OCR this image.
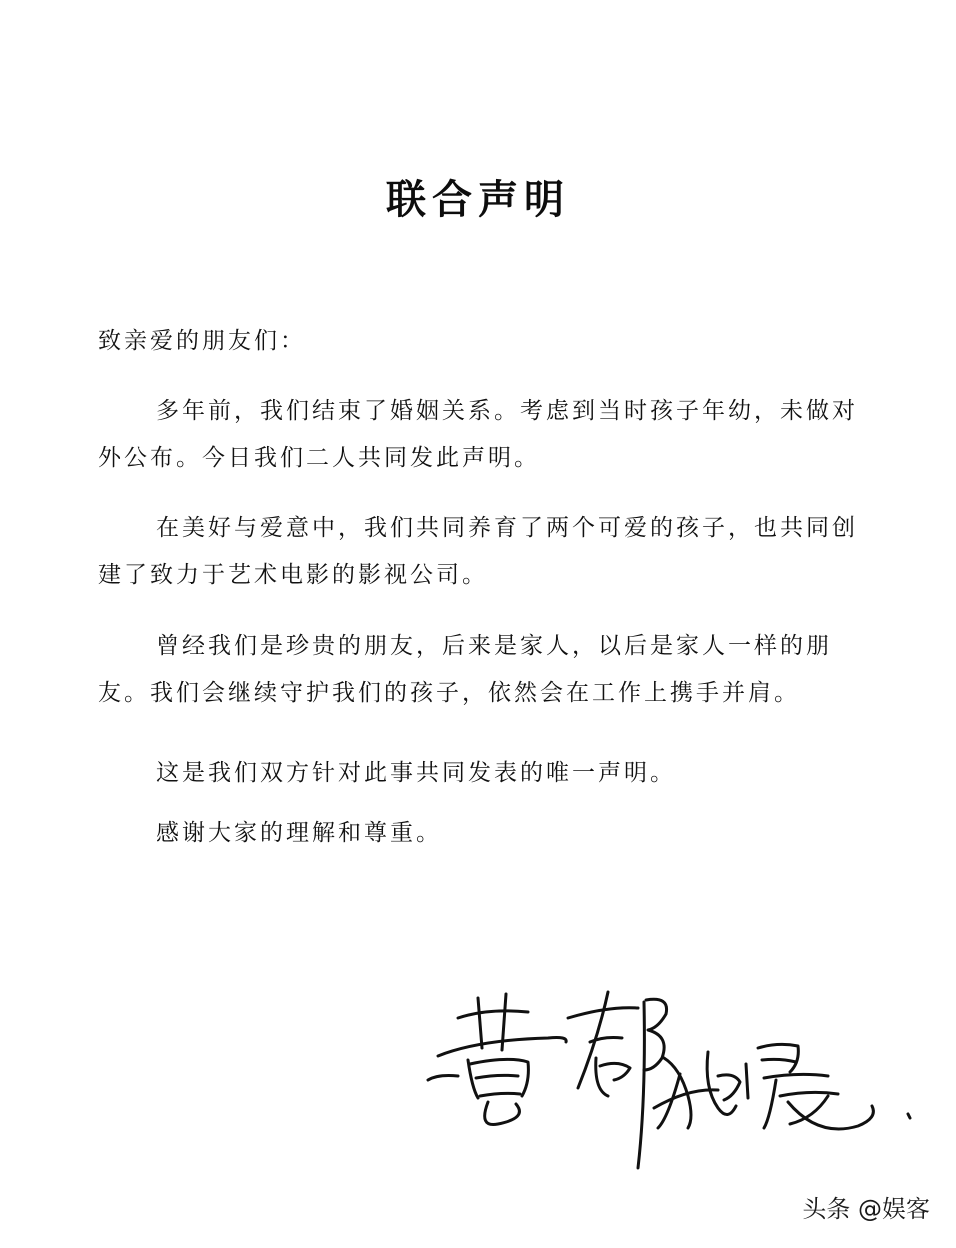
联合声明
致亲爱的朋友们：

多年前，我们结束了婚姻关系。考虑到当时孩子年幼，未做对外公布。今日我们二人共同发此声明。

在美好与爱意中，我们共同养育了两个可爱的孩子，也共同创建了致力于艺术电影的影视公司。

曾经我们是珍贵的朋友，后来是家人，以后是家人一样的朋友。我们会继续守护我们的孩子，依然会在工作上携手并肩。

这是我们双方针对此事共同发表的唯一声明。

感谢大家的理解和尊重。

头条 @娱客
